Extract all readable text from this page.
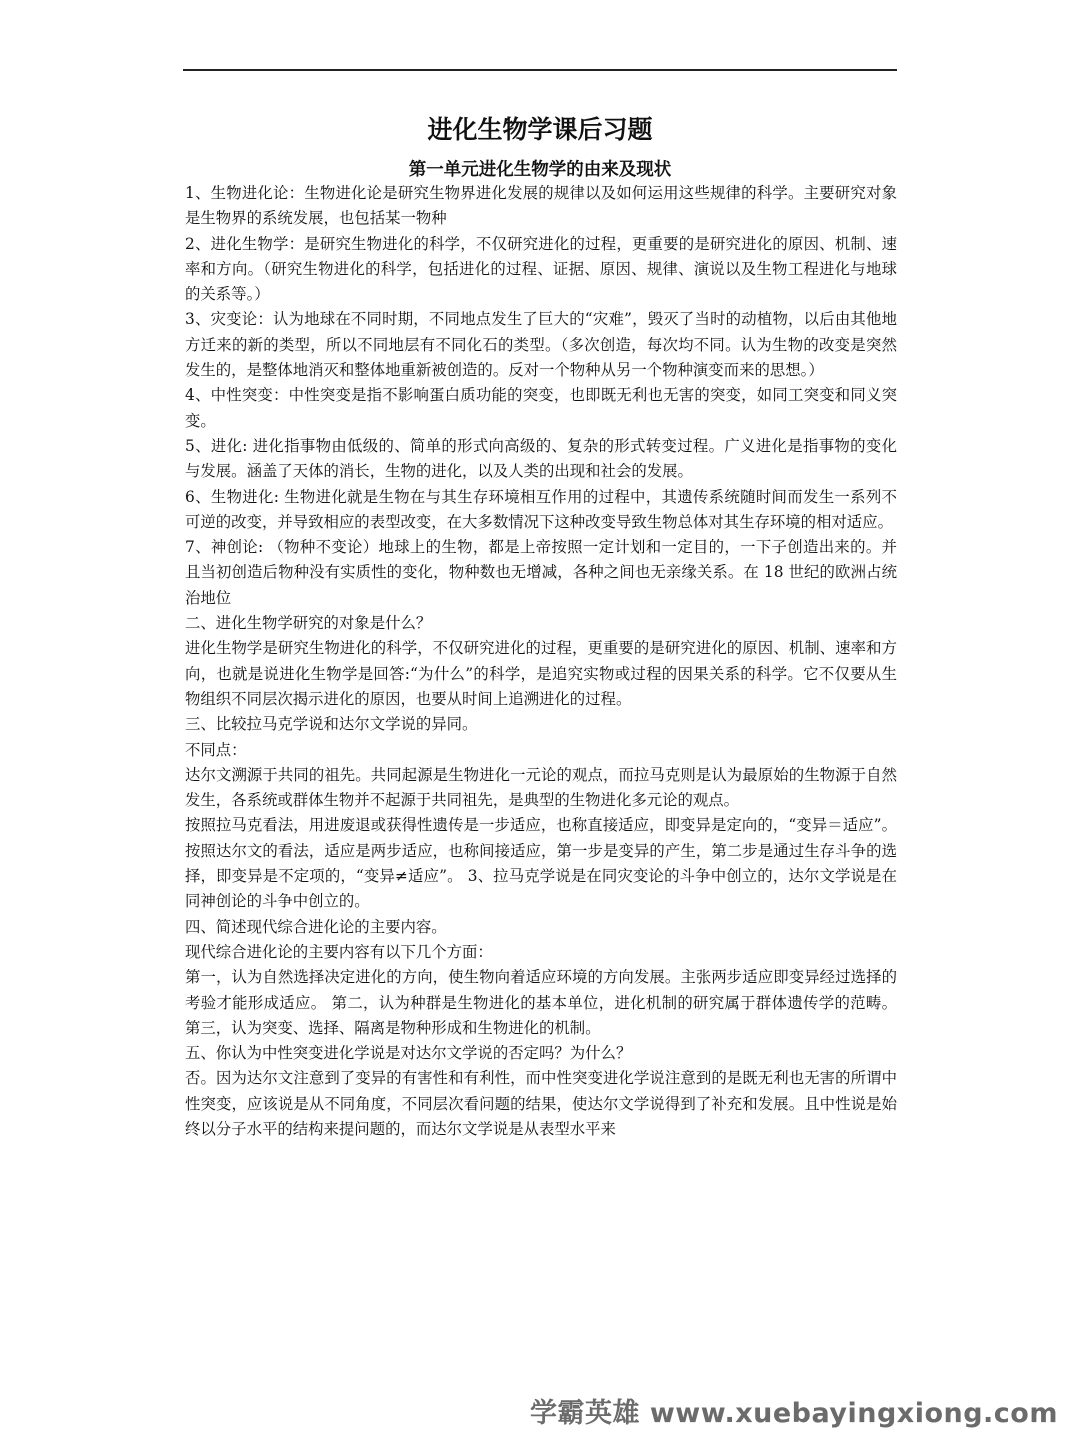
进化生物学课后习题
第一单元进化生物学的由来及现状

1、生物进化论：生物进化论是研究生物界进化发展的规律以及如何运用这些规律的科学。主要研究对象是生物界的系统发展，也包括某一物种

2、进化生物学：是研究生物进化的科学，不仅研究进化的过程，更重要的是研究进化的原因、机制、速率和方向。（研究生物进化的科学，包括进化的过程、证据、原因、规律、演说以及生物工程进化与地球的关系等。）

3、灾变论：认为地球在不同时期，不同地点发生了巨大的“灾难”，毁灭了当时的动植物，以后由其他地方迁来的新的类型，所以不同地层有不同化石的类型。（多次创造，每次均不同。认为生物的改变是突然发生的，是整体地消灭和整体地重新被创造的。反对一个物种从另一个物种演变而来的思想。）

4、中性突变：中性突变是指不影响蛋白质功能的突变，也即既无利也无害的突变，如同工突变和同义突变。

5、进化: 进化指事物由低级的、简单的形式向高级的、复杂的形式转变过程。广义进化是指事物的变化与发展。涵盖了天体的消长，生物的进化，以及人类的出现和社会的发展。

6、生物进化: 生物进化就是生物在与其生存环境相互作用的过程中，其遗传系统随时间而发生一系列不可逆的改变，并导致相应的表型改变，在大多数情况下这种改变导致生物总体对其生存环境的相对适应。

7、神创论: （物种不变论）地球上的生物，都是上帝按照一定计划和一定目的，一下子创造出来的。并且当初创造后物种没有实质性的变化，物种数也无增减，各种之间也无亲缘关系。在 18 世纪的欧洲占统治地位

二、进化生物学研究的对象是什么？

进化生物学是研究生物进化的科学，不仅研究进化的过程，更重要的是研究进化的原因、机制、速率和方向，也就是说进化生物学是回答:“为什么”的科学，是追究实物或过程的因果关系的科学。它不仅要从生物组织不同层次揭示进化的原因，也要从时间上追溯进化的过程。

三、比较拉马克学说和达尔文学说的异同。

不同点：

达尔文溯源于共同的祖先。共同起源是生物进化一元论的观点，而拉马克则是认为最原始的生物源于自然发生，各系统或群体生物并不起源于共同祖先，是典型的生物进化多元论的观点。

按照拉马克看法，用进废退或获得性遗传是一步适应，也称直接适应，即变异是定向的，“变异＝适应”。按照达尔文的看法，适应是两步适应，也称间接适应，第一步是变异的产生，第二步是通过生存斗争的选择，即变异是不定项的，“变异≠适应”。 3、拉马克学说是在同灾变论的斗争中创立的，达尔文学说是在同神创论的斗争中创立的。

四、简述现代综合进化论的主要内容。

现代综合进化论的主要内容有以下几个方面：

第一，认为自然选择决定进化的方向，使生物向着适应环境的方向发展。主张两步适应即变异经过选择的考验才能形成适应。 第二，认为种群是生物进化的基本单位，进化机制的研究属于群体遗传学的范畴。第三，认为突变、选择、隔离是物种形成和生物进化的机制。

五、你认为中性突变进化学说是对达尔文学说的否定吗？为什么？

否。因为达尔文注意到了变异的有害性和有利性，而中性突变进化学说注意到的是既无利也无害的所谓中性突变，应该说是从不同角度，不同层次看问题的结果，使达尔文学说得到了补充和发展。且中性说是始终以分子水平的结构来提问题的，而达尔文学说是从表型水平来

学霸英雄 www.xuebayingxiong.com
